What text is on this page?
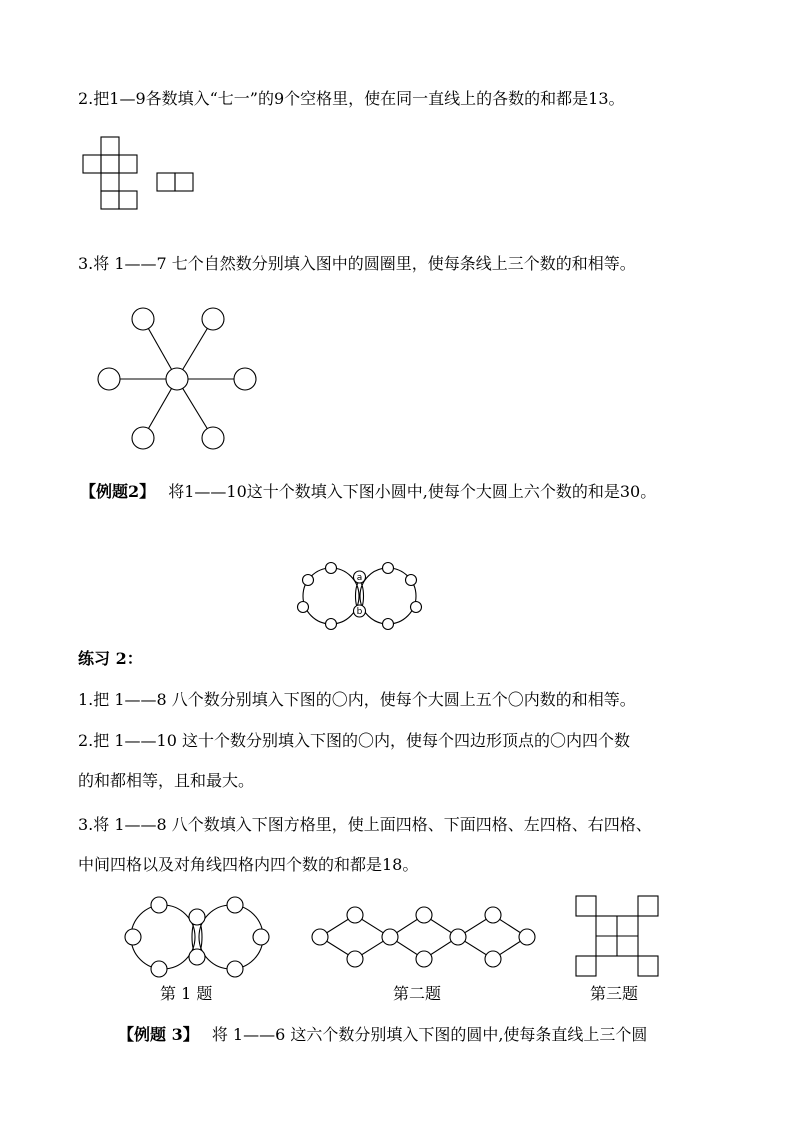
2.把1—9各数填入“七一”的9个空格里，使在同一直线上的各数的和都是13。
3.将 1——7 七个自然数分别填入图中的圆圈里，使每条线上三个数的和相等。
【例题2】 将1——10这十个数填入下图小圆中,使每个大圆上六个数的和是30。
a
b
练习 2：
1.把 1——8 八个数分别填入下图的〇内，使每个大圆上五个〇内数的和相等。
2.把 1——10 这十个数分别填入下图的〇内，使每个四边形顶点的〇内四个数
的和都相等，且和最大。
3.将 1——8 八个数填入下图方格里，使上面四格、下面四格、左四格、右四格、
中间四格以及对角线四格内四个数的和都是18。
第 1 题	第二题	第三题
【例题 3】 将 1——6 这六个数分别填入下图的圆中,使每条直线上三个圆
